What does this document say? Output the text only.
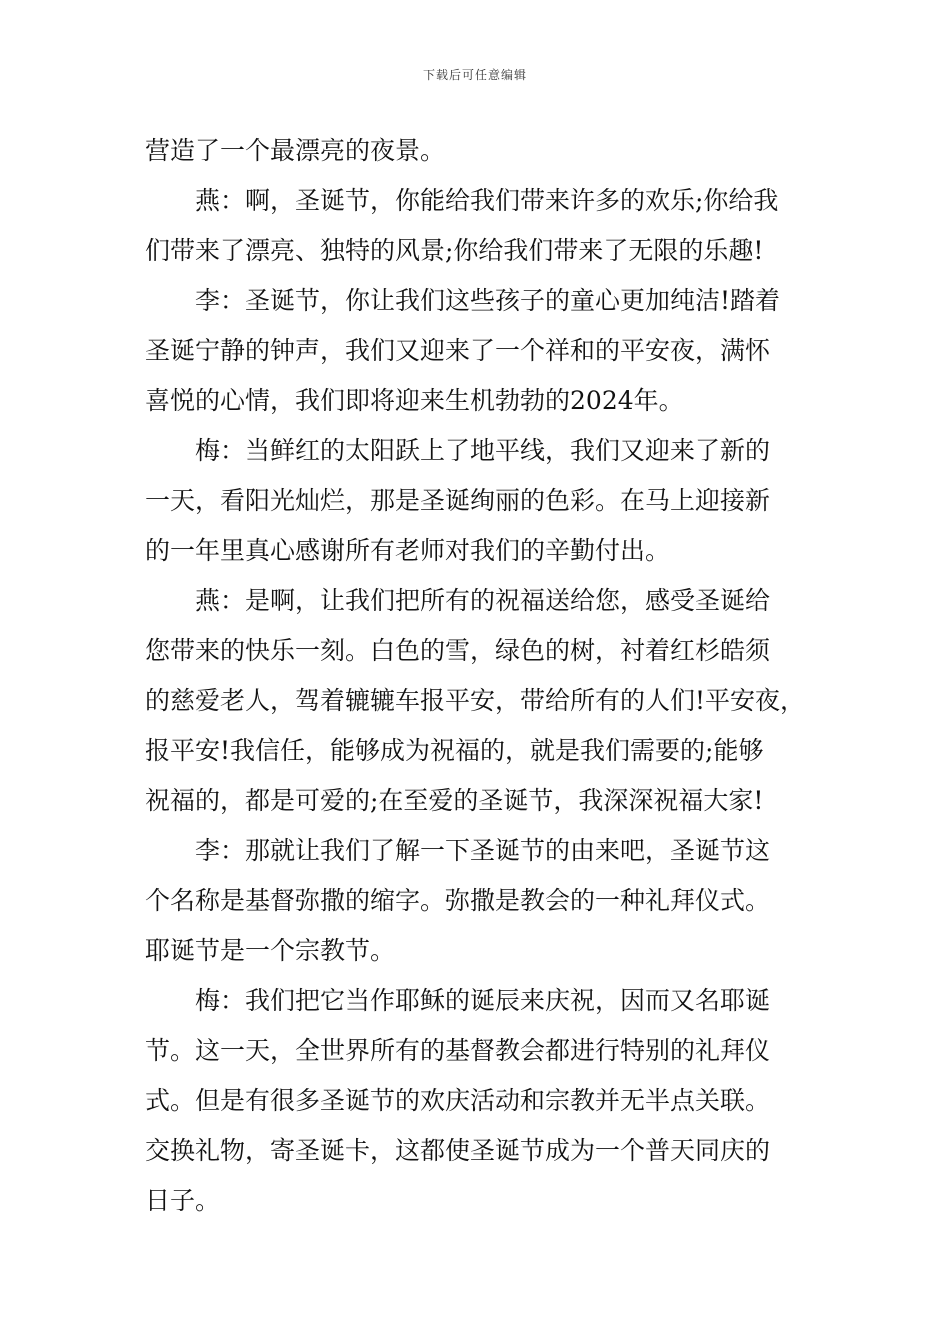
下载后可任意编辑
营造了一个最漂亮的夜景。
燕：啊，圣诞节，你能给我们带来许多的欢乐;你给我
们带来了漂亮、独特的风景;你给我们带来了无限的乐趣!
李：圣诞节，你让我们这些孩子的童心更加纯洁!踏着
圣诞宁静的钟声，我们又迎来了一个祥和的平安夜，满怀
喜悦的心情，我们即将迎来生机勃勃的2024年。
梅：当鲜红的太阳跃上了地平线，我们又迎来了新的
一天，看阳光灿烂，那是圣诞绚丽的色彩。在马上迎接新
的一年里真心感谢所有老师对我们的辛勤付出。
燕：是啊，让我们把所有的祝福送给您，感受圣诞给
您带来的快乐一刻。白色的雪，绿色的树，衬着红杉皓须
的慈爱老人，驾着辘辘车报平安，带给所有的人们!平安夜，
报平安!我信任，能够成为祝福的，就是我们需要的;能够
祝福的，都是可爱的;在至爱的圣诞节，我深深祝福大家!
李：那就让我们了解一下圣诞节的由来吧，圣诞节这
个名称是基督弥撒的缩字。弥撒是教会的一种礼拜仪式。
耶诞节是一个宗教节。
梅：我们把它当作耶稣的诞辰来庆祝，因而又名耶诞
节。这一天，全世界所有的基督教会都进行特别的礼拜仪
式。但是有很多圣诞节的欢庆活动和宗教并无半点关联。
交换礼物，寄圣诞卡，这都使圣诞节成为一个普天同庆的
日子。
